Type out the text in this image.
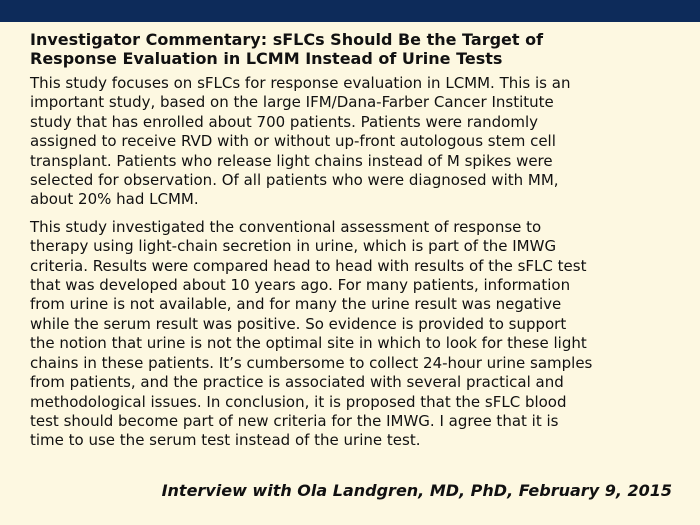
Investigator Commentary: sFLCs Should Be the Target of
Response Evaluation in LCMM Instead of Urine Tests

This study focuses on sFLCs for response evaluation in LCMM. This is an
important study, based on the large IFM/Dana-Farber Cancer Institute
study that has enrolled about 700 patients. Patients were randomly
assigned to receive RVD with or without up-front autologous stem cell
transplant. Patients who release light chains instead of M spikes were
selected for observation. Of all patients who were diagnosed with MM,
about 20% had LCMM.

This study investigated the conventional assessment of response to
therapy using light-chain secretion in urine, which is part of the IMWG
criteria. Results were compared head to head with results of the sFLC test
that was developed about 10 years ago. For many patients, information
from urine is not available, and for many the urine result was negative
while the serum result was positive. So evidence is provided to support
the notion that urine is not the optimal site in which to look for these light
chains in these patients. It’s cumbersome to collect 24-hour urine samples
from patients, and the practice is associated with several practical and
methodological issues. In conclusion, it is proposed that the sFLC blood
test should become part of new criteria for the IMWG. I agree that it is
time to use the serum test instead of the urine test.

Interview with Ola Landgren, MD, PhD, February 9, 2015
